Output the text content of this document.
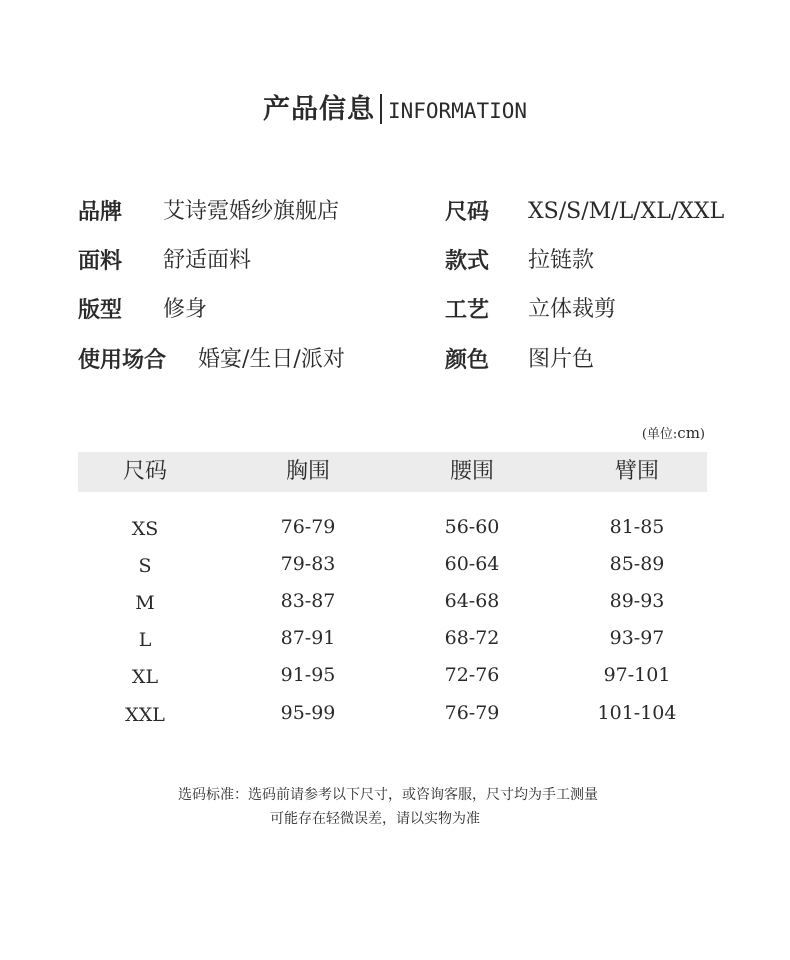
产品信息 INFORMATION
品牌 艾诗霓婚纱旗舰店	尺码 XS/S/M/L/XL/XXL
面料 舒适面料	款式 拉链款
版型 修身	工艺 立体裁剪
使用场合 婚宴/生日/派对	颜色 图片色
(单位:cm)
尺码	胸围	腰围	臂围
XS	76-79	56-60	81-85
S	79-83	60-64	85-89
M	83-87	64-68	89-93
L	87-91	68-72	93-97
XL	91-95	72-76	97-101
XXL	95-99	76-79	101-104
选码标准：选码前请参考以下尺寸，或咨询客服，尺寸均为手工测量
可能存在轻微误差，请以实物为准
